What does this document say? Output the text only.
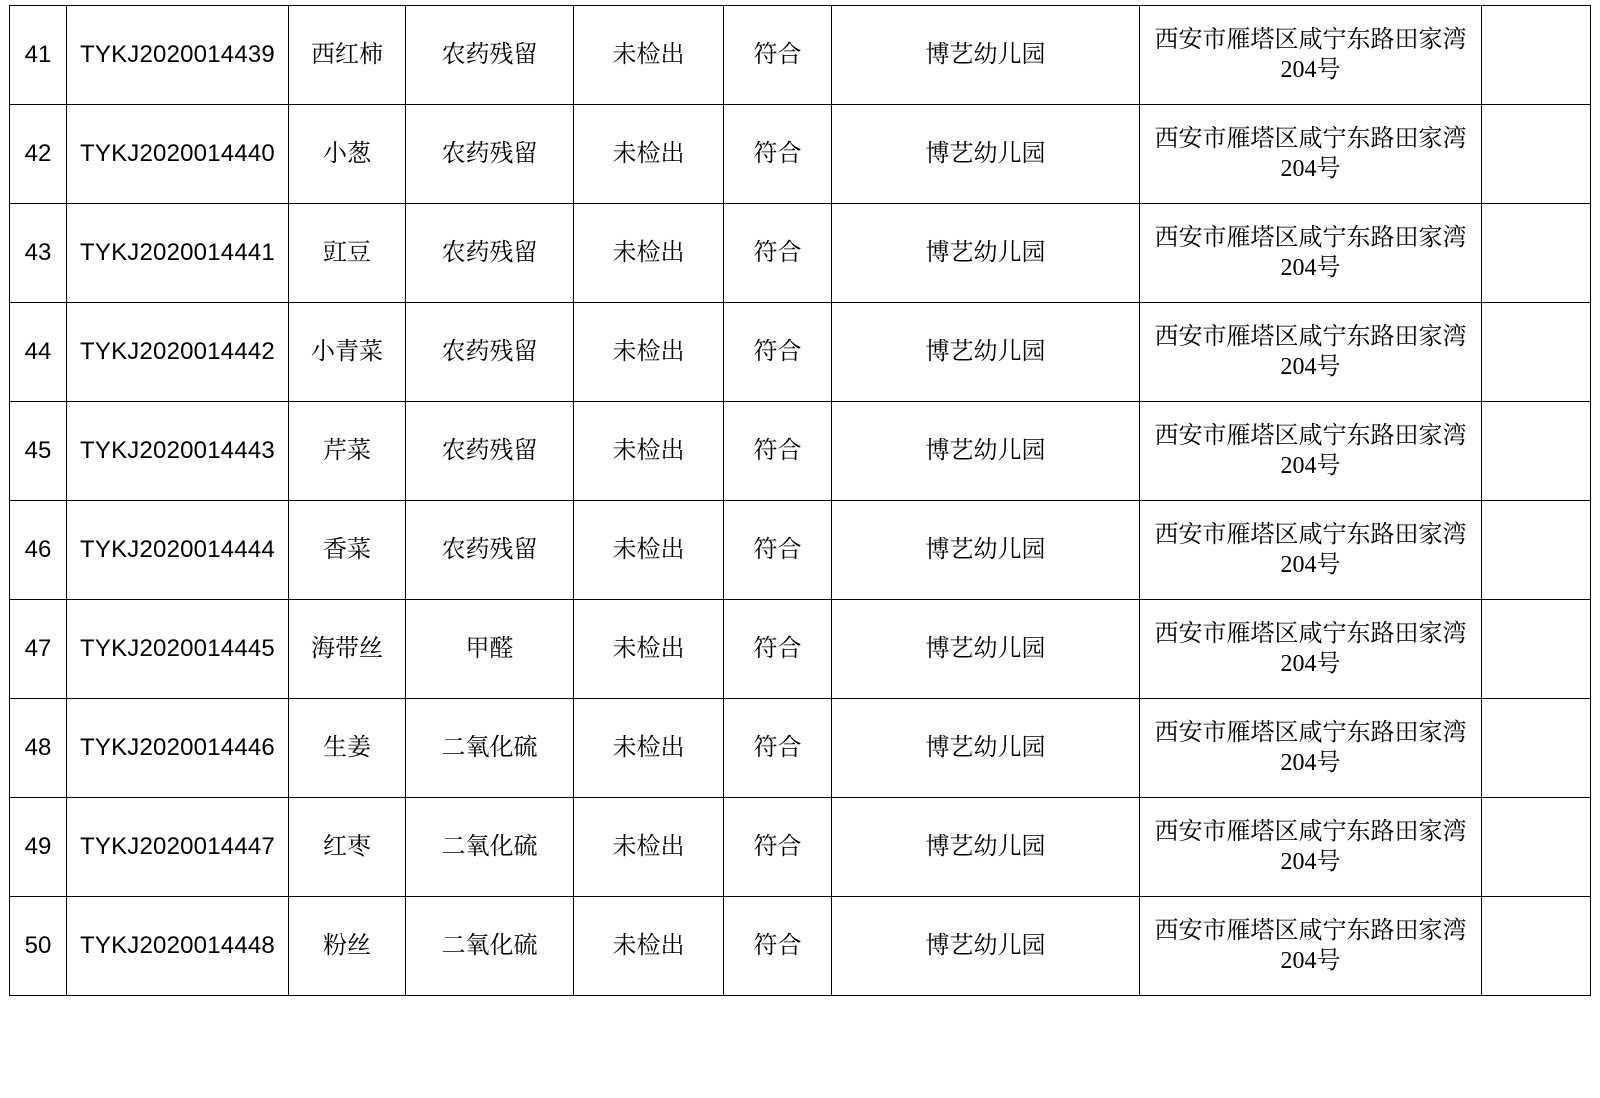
41	TYKJ2020014439	西红柿	农药残留	未检出	符合	博艺幼儿园	西安市雁塔区咸宁东路田家湾204号	
42	TYKJ2020014440	小葱	农药残留	未检出	符合	博艺幼儿园	西安市雁塔区咸宁东路田家湾204号	
43	TYKJ2020014441	豇豆	农药残留	未检出	符合	博艺幼儿园	西安市雁塔区咸宁东路田家湾204号	
44	TYKJ2020014442	小青菜	农药残留	未检出	符合	博艺幼儿园	西安市雁塔区咸宁东路田家湾204号	
45	TYKJ2020014443	芹菜	农药残留	未检出	符合	博艺幼儿园	西安市雁塔区咸宁东路田家湾204号	
46	TYKJ2020014444	香菜	农药残留	未检出	符合	博艺幼儿园	西安市雁塔区咸宁东路田家湾204号	
47	TYKJ2020014445	海带丝	甲醛	未检出	符合	博艺幼儿园	西安市雁塔区咸宁东路田家湾204号	
48	TYKJ2020014446	生姜	二氧化硫	未检出	符合	博艺幼儿园	西安市雁塔区咸宁东路田家湾204号	
49	TYKJ2020014447	红枣	二氧化硫	未检出	符合	博艺幼儿园	西安市雁塔区咸宁东路田家湾204号	
50	TYKJ2020014448	粉丝	二氧化硫	未检出	符合	博艺幼儿园	西安市雁塔区咸宁东路田家湾204号	
